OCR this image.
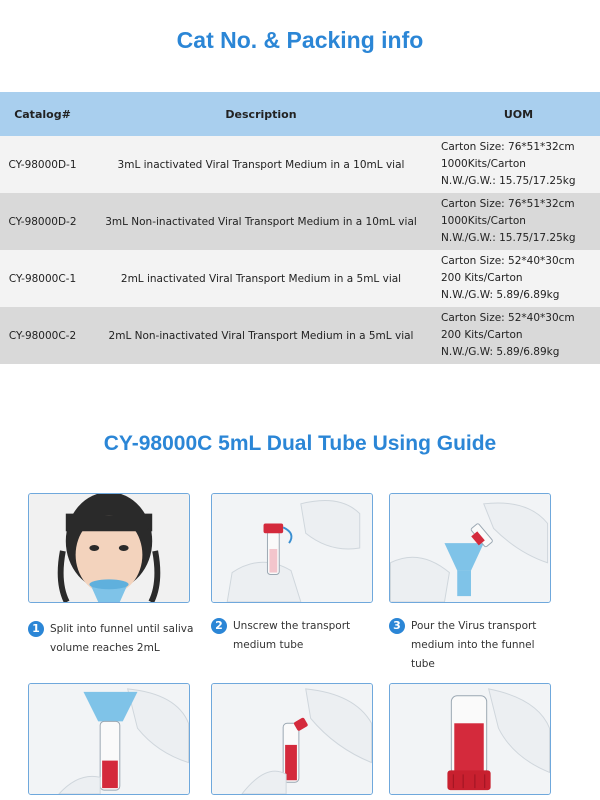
Cat No. & Packing info
Catalog#	Description	UOM
CY-98000D-1	3mL inactivated Viral Transport Medium in a 10mL vial	Carton Size: 76*51*32cm
1000Kits/Carton
N.W./G.W.: 15.75/17.25kg

CY-98000D-2	3mL Non-inactivated Viral Transport Medium in a 10mL vial	Carton Size: 76*51*32cm
1000Kits/Carton
N.W./G.W.: 15.75/17.25kg

CY-98000C-1	2mL inactivated Viral Transport Medium in a 5mL vial	Carton Size: 52*40*30cm
200 Kits/Carton
N.W./G.W: 5.89/6.89kg

CY-98000C-2	2mL Non-inactivated Viral Transport Medium in a 5mL vial	Carton Size: 52*40*30cm
200 Kits/Carton
N.W./G.W: 5.89/6.89kg
CY-98000C 5mL Dual Tube Using Guide
1 Split into funnel until saliva volume reaches 2mL
2 Unscrew the transport medium tube
3 Pour the Virus transport medium into the funnel tube
